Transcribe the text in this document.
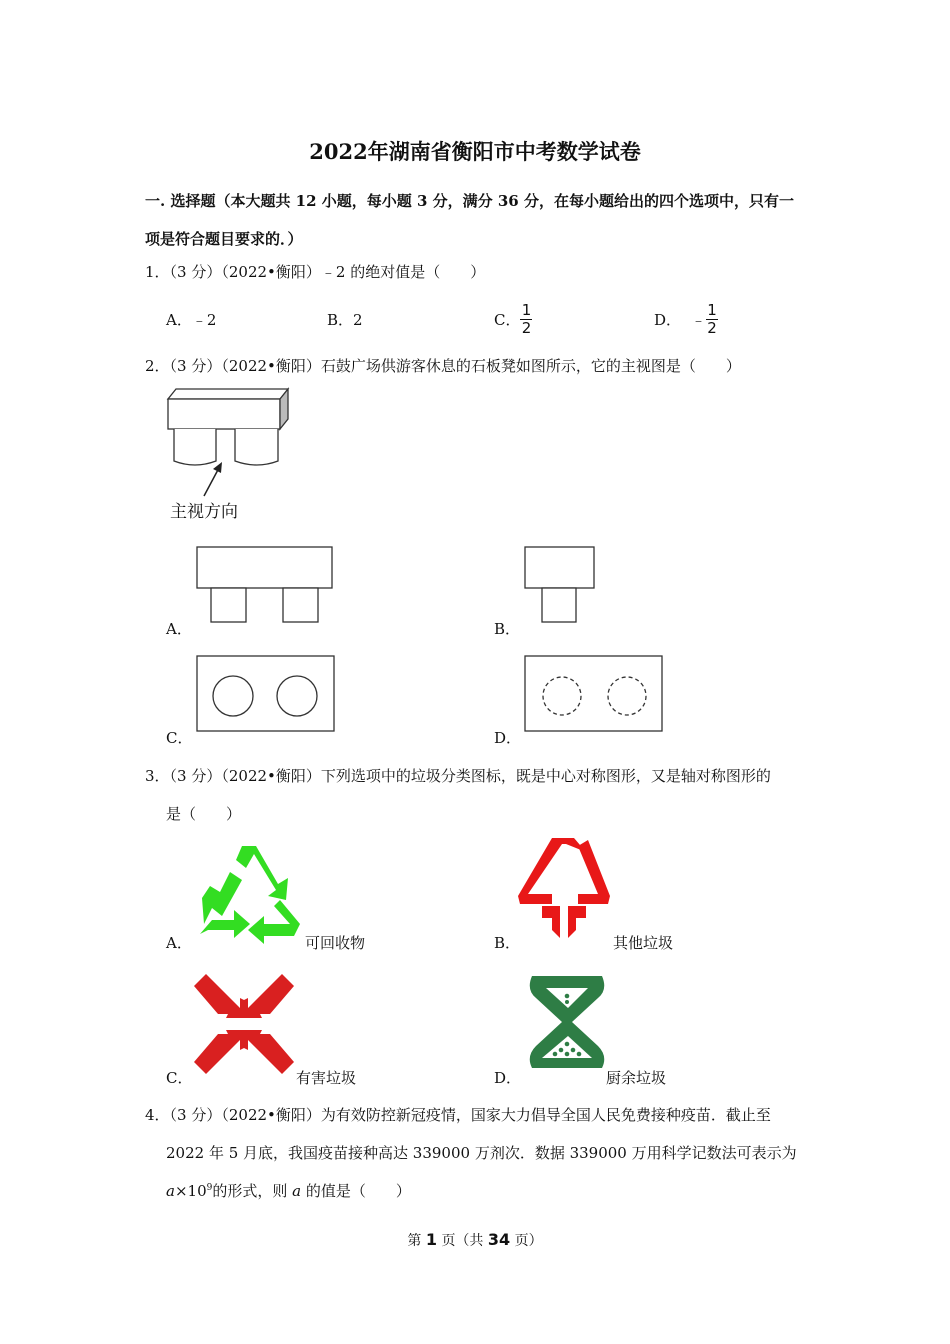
2022年湖南省衡阳市中考数学试卷
一. 选择题（本大题共 12 小题，每小题 3 分，满分 36 分，在每小题给出的四个选项中，只有一
项是符合题目要求的．）
1．（3 分）（2022•衡阳）﹣2 的绝对值是（　　）
A．﹣2	B．2	C． $\frac{1}{2}$	D． ﹣ $\frac{1}{2}$
2．（3 分）（2022•衡阳）石鼓广场供游客休息的石板凳如图所示，它的主视图是（　　）
主视方向
A．	B．
C．	D．
3．（3 分）（2022•衡阳）下列选项中的垃圾分类图标，既是中心对称图形，又是轴对称图形的
是（　　）
A．	可回收物	B．	其他垃圾
C．	有害垃圾	D．	厨余垃圾
4．（3 分）（2022•衡阳）为有效防控新冠疫情，国家大力倡导全国人民免费接种疫苗．截止至
2022 年 5 月底，我国疫苗接种高达 339000 万剂次．数据 339000 万用科学记数法可表示为
$a\times 10^9$的形式，则 a 的值是（　　）
第 1 页（共 34 页）
